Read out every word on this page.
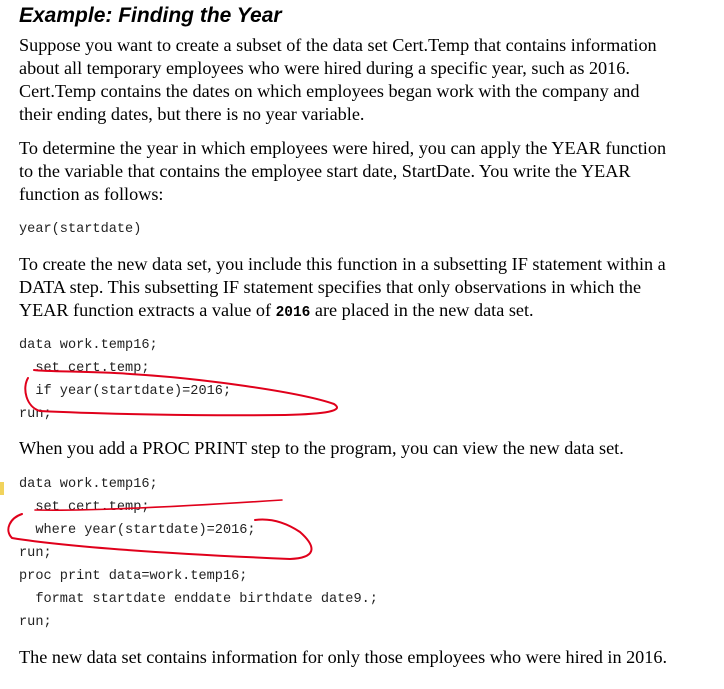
Example: Finding the Year

Suppose you want to create a subset of the data set Cert.Temp that contains information
about all temporary employees who were hired during a specific year, such as 2016.
Cert.Temp contains the dates on which employees began work with the company and
their ending dates, but there is no year variable.

To determine the year in which employees were hired, you can apply the YEAR function
to the variable that contains the employee start date, StartDate. You write the YEAR
function as follows:

year(startdate)

To create the new data set, you include this function in a subsetting IF statement within a
DATA step. This subsetting IF statement specifies that only observations in which the
YEAR function extracts a value of 2016 are placed in the new data set.

data work.temp16;
set cert.temp;
if year(startdate)=2016;
run;

When you add a PROC PRINT step to the program, you can view the new data set.

data work.temp16;
set cert.temp;
where year(startdate)=2016;
run;
proc print data=work.temp16;
format startdate enddate birthdate date9.;
run;

The new data set contains information for only those employees who were hired in 2016.
